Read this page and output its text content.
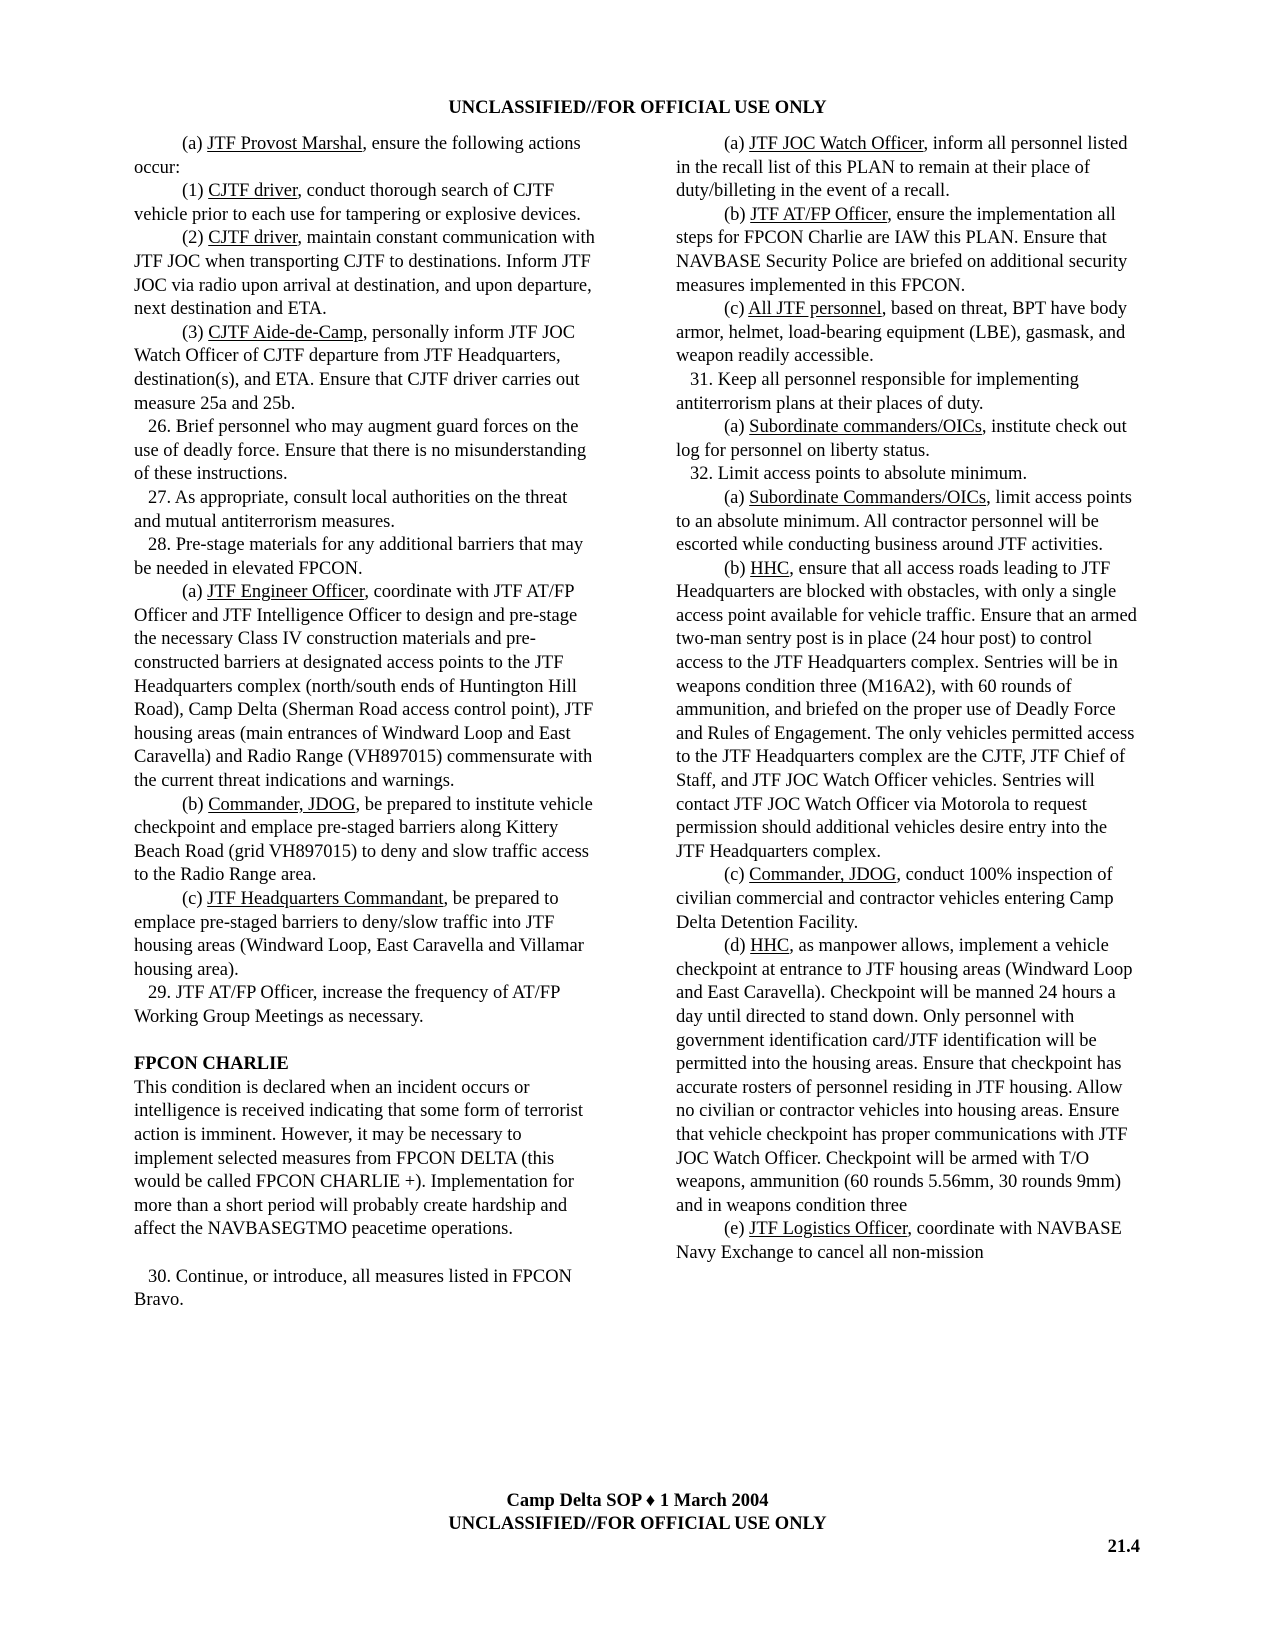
UNCLASSIFIED//FOR OFFICIAL USE ONLY

(a) JTF Provost Marshal, ensure the following actions occur:

(1) CJTF driver, conduct thorough search of CJTF vehicle prior to each use for tampering or explosive devices.

(2) CJTF driver, maintain constant communication with JTF JOC when transporting CJTF to destinations. Inform JTF JOC via radio upon arrival at destination, and upon departure, next destination and ETA.

(3) CJTF Aide-de-Camp, personally inform JTF JOC Watch Officer of CJTF departure from JTF Headquarters, destination(s), and ETA. Ensure that CJTF driver carries out measure 25a and 25b.

26. Brief personnel who may augment guard forces on the use of deadly force. Ensure that there is no misunderstanding of these instructions.

27. As appropriate, consult local authorities on the threat and mutual antiterrorism measures.

28. Pre-stage materials for any additional barriers that may be needed in elevated FPCON.

(a) JTF Engineer Officer, coordinate with JTF AT/FP Officer and JTF Intelligence Officer to design and pre-stage the necessary Class IV construction materials and pre-constructed barriers at designated access points to the JTF Headquarters complex (north/south ends of Huntington Hill Road), Camp Delta (Sherman Road access control point), JTF housing areas (main entrances of Windward Loop and East Caravella) and Radio Range (VH897015) commensurate with the current threat indications and warnings.

(b) Commander, JDOG, be prepared to institute vehicle checkpoint and emplace pre-staged barriers along Kittery Beach Road (grid VH897015) to deny and slow traffic access to the Radio Range area.

(c) JTF Headquarters Commandant, be prepared to emplace pre-staged barriers to deny/slow traffic into JTF housing areas (Windward Loop, East Caravella and Villamar housing area).

29. JTF AT/FP Officer, increase the frequency of AT/FP Working Group Meetings as necessary.

FPCON CHARLIE

This condition is declared when an incident occurs or intelligence is received indicating that some form of terrorist action is imminent. However, it may be necessary to implement selected measures from FPCON DELTA (this would be called FPCON CHARLIE +). Implementation for more than a short period will probably create hardship and affect the NAVBASEGTMO peacetime operations.

30. Continue, or introduce, all measures listed in FPCON Bravo.

(a) JTF JOC Watch Officer, inform all personnel listed in the recall list of this PLAN to remain at their place of duty/billeting in the event of a recall.

(b) JTF AT/FP Officer, ensure the implementation all steps for FPCON Charlie are IAW this PLAN. Ensure that NAVBASE Security Police are briefed on additional security measures implemented in this FPCON.

(c) All JTF personnel, based on threat, BPT have body armor, helmet, load-bearing equipment (LBE), gasmask, and weapon readily accessible.

31. Keep all personnel responsible for implementing antiterrorism plans at their places of duty.

(a) Subordinate commanders/OICs, institute check out log for personnel on liberty status.

32. Limit access points to absolute minimum.

(a) Subordinate Commanders/OICs, limit access points to an absolute minimum. All contractor personnel will be escorted while conducting business around JTF activities.

(b) HHC, ensure that all access roads leading to JTF Headquarters are blocked with obstacles, with only a single access point available for vehicle traffic. Ensure that an armed two-man sentry post is in place (24 hour post) to control access to the JTF Headquarters complex. Sentries will be in weapons condition three (M16A2), with 60 rounds of ammunition, and briefed on the proper use of Deadly Force and Rules of Engagement. The only vehicles permitted access to the JTF Headquarters complex are the CJTF, JTF Chief of Staff, and JTF JOC Watch Officer vehicles. Sentries will contact JTF JOC Watch Officer via Motorola to request permission should additional vehicles desire entry into the JTF Headquarters complex.

(c) Commander, JDOG, conduct 100% inspection of civilian commercial and contractor vehicles entering Camp Delta Detention Facility.

(d) HHC, as manpower allows, implement a vehicle checkpoint at entrance to JTF housing areas (Windward Loop and East Caravella). Checkpoint will be manned 24 hours a day until directed to stand down. Only personnel with government identification card/JTF identification will be permitted into the housing areas. Ensure that checkpoint has accurate rosters of personnel residing in JTF housing. Allow no civilian or contractor vehicles into housing areas. Ensure that vehicle checkpoint has proper communications with JTF JOC Watch Officer. Checkpoint will be armed with T/O weapons, ammunition (60 rounds 5.56mm, 30 rounds 9mm) and in weapons condition three

(e) JTF Logistics Officer, coordinate with NAVBASE Navy Exchange to cancel all non-mission

Camp Delta SOP ♦ 1 March 2004
UNCLASSIFIED//FOR OFFICIAL USE ONLY
21.4
